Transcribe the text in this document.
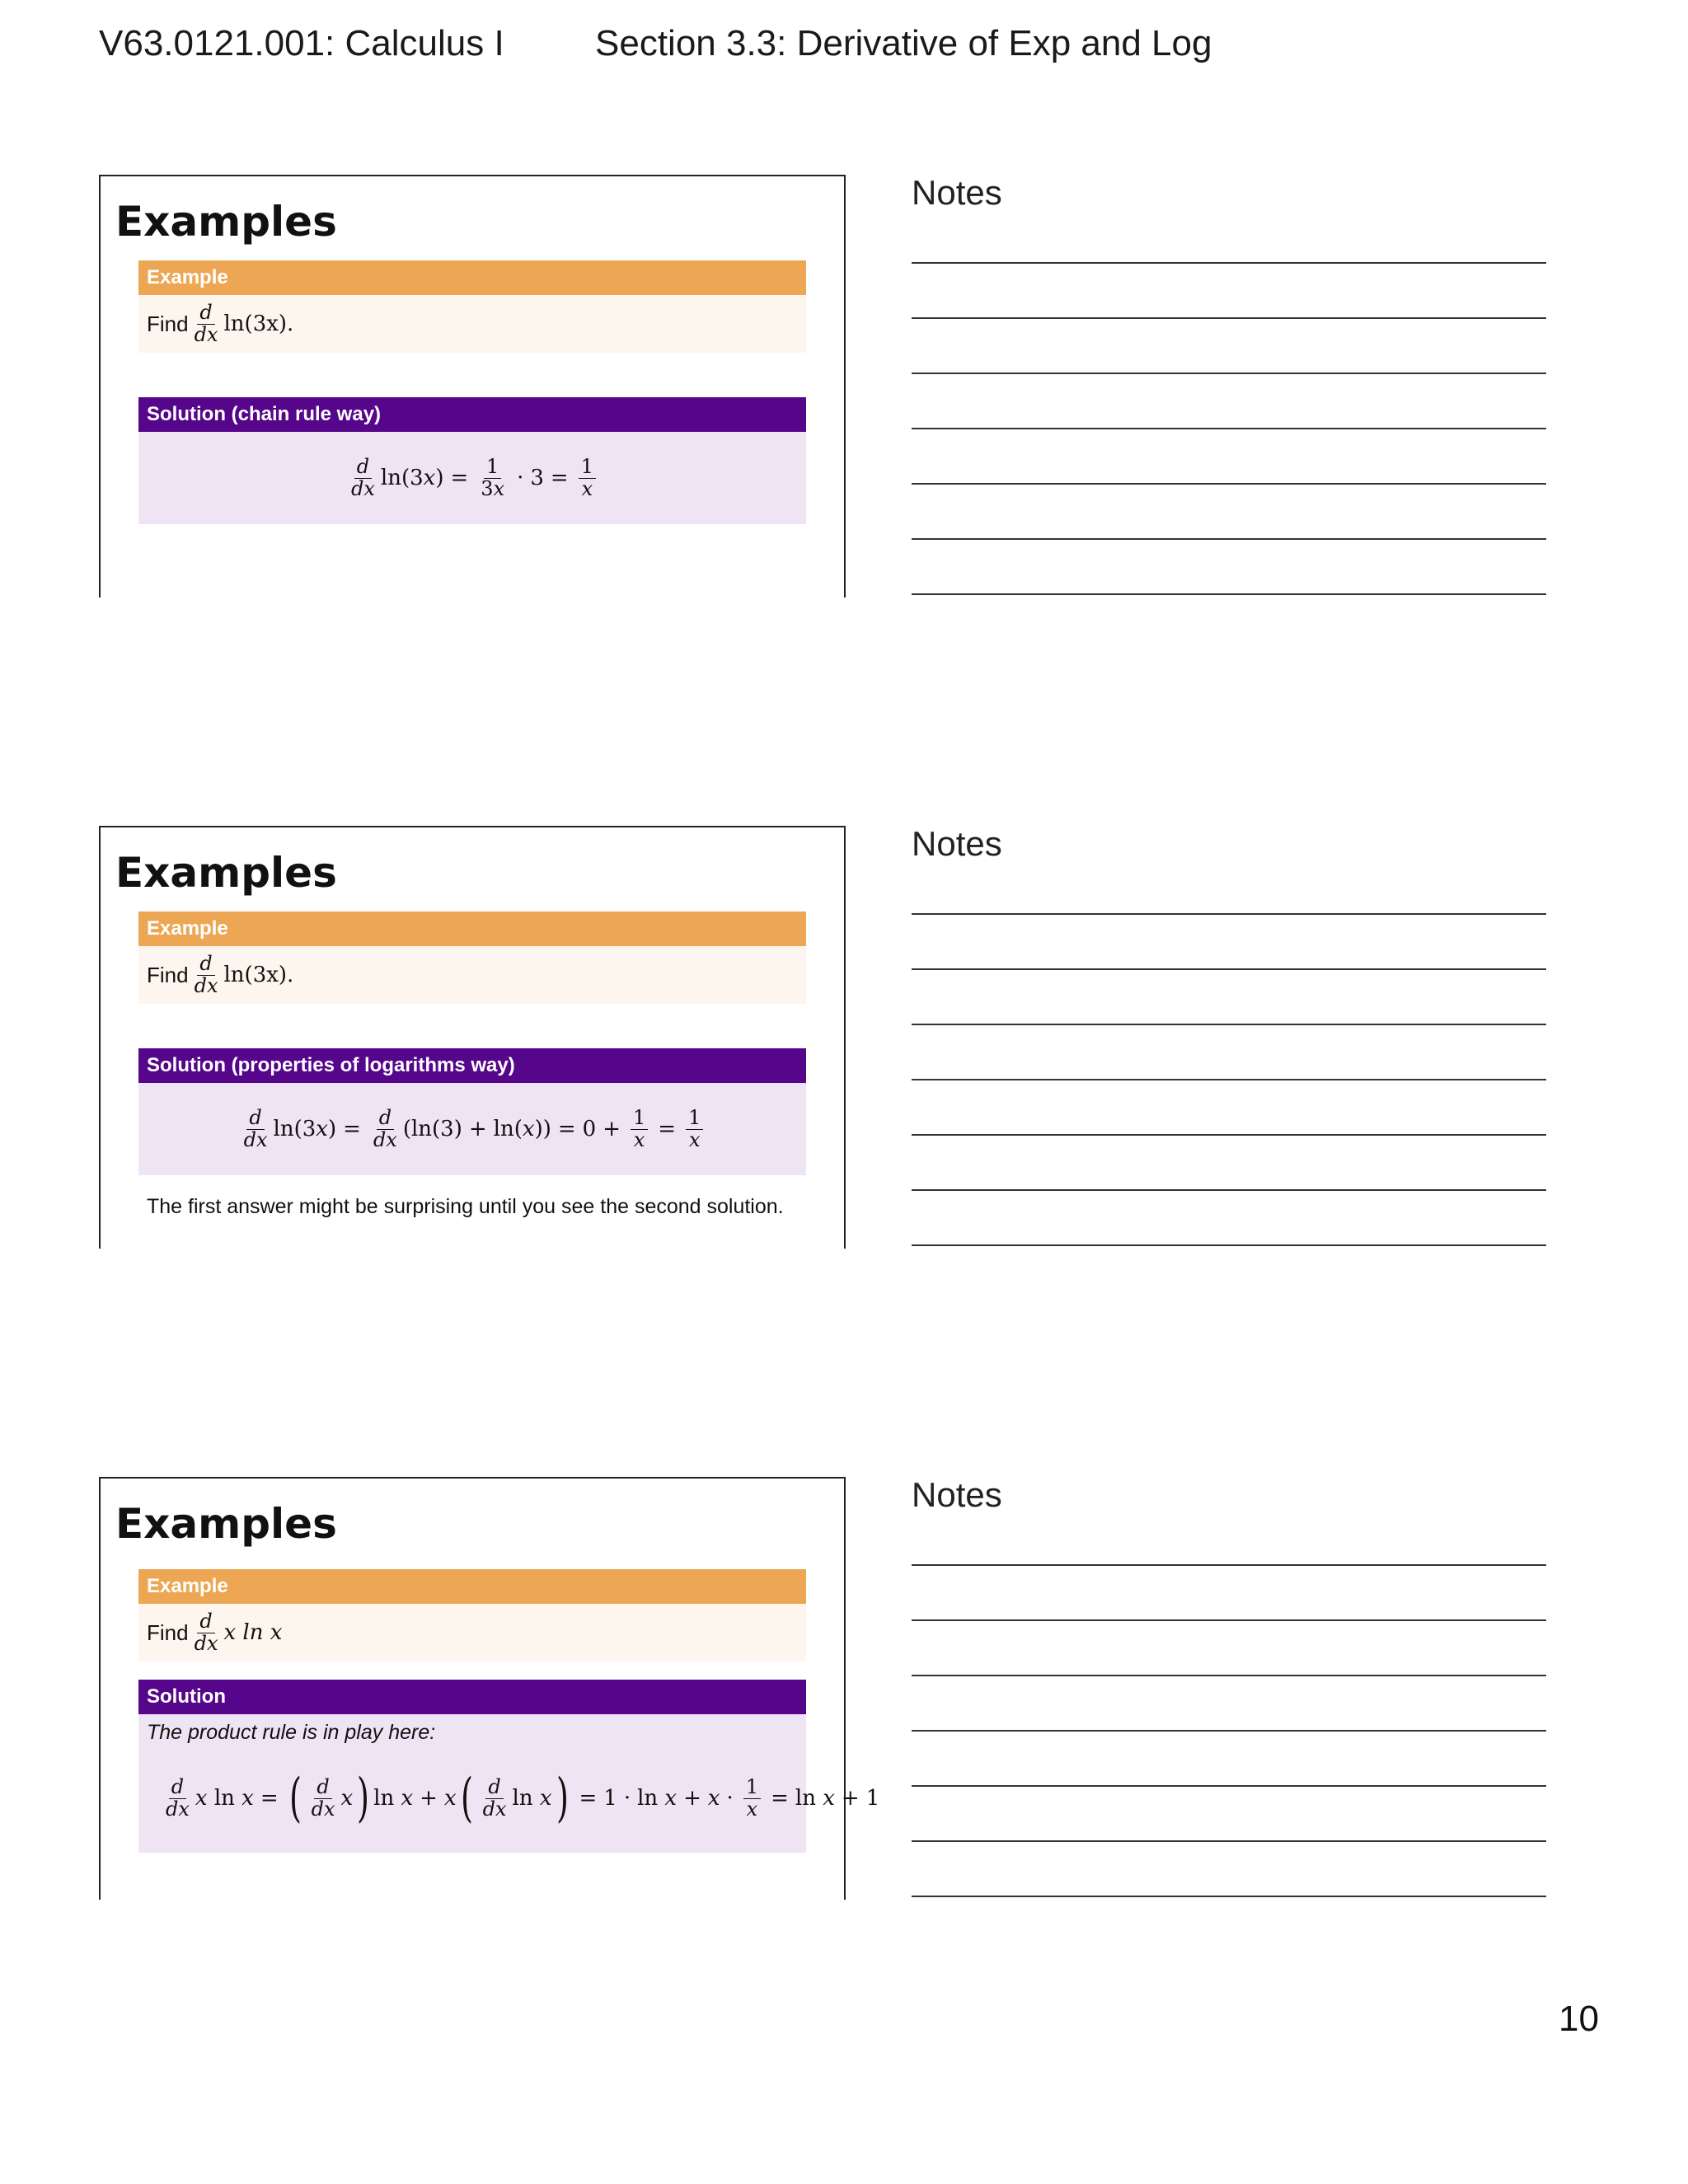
V63.0121.001: Calculus I	Section 3.3: Derivative of Exp and Log
Examples
Example
Find $\frac{d}{dx} \ln(3x)$.
Solution (chain rule way)
$\frac{d}{dx} \ln(3x) = \frac{1}{3x} \cdot 3 = \frac{1}{x}$
Examples
Example
Find $\frac{d}{dx} \ln(3x)$.
Solution (properties of logarithms way)
$\frac{d}{dx} \ln(3x) = \frac{d}{dx} (\ln(3) + \ln(x)) = 0 + \frac{1}{x} = \frac{1}{x}$
The first answer might be surprising until you see the second solution.
Examples
Example
Find $\frac{d}{dx}$ x ln x
Solution
The product rule is in play here:
$\frac{d}{dx}$ x ln x = ( $\frac{d}{dx}$ x ) ln x + x ( $\frac{d}{dx}$ ln x ) = $1 \cdot \ln x + x \cdot \frac{1}{x} = \ln x + 1$
Notes
Notes
Notes
10
